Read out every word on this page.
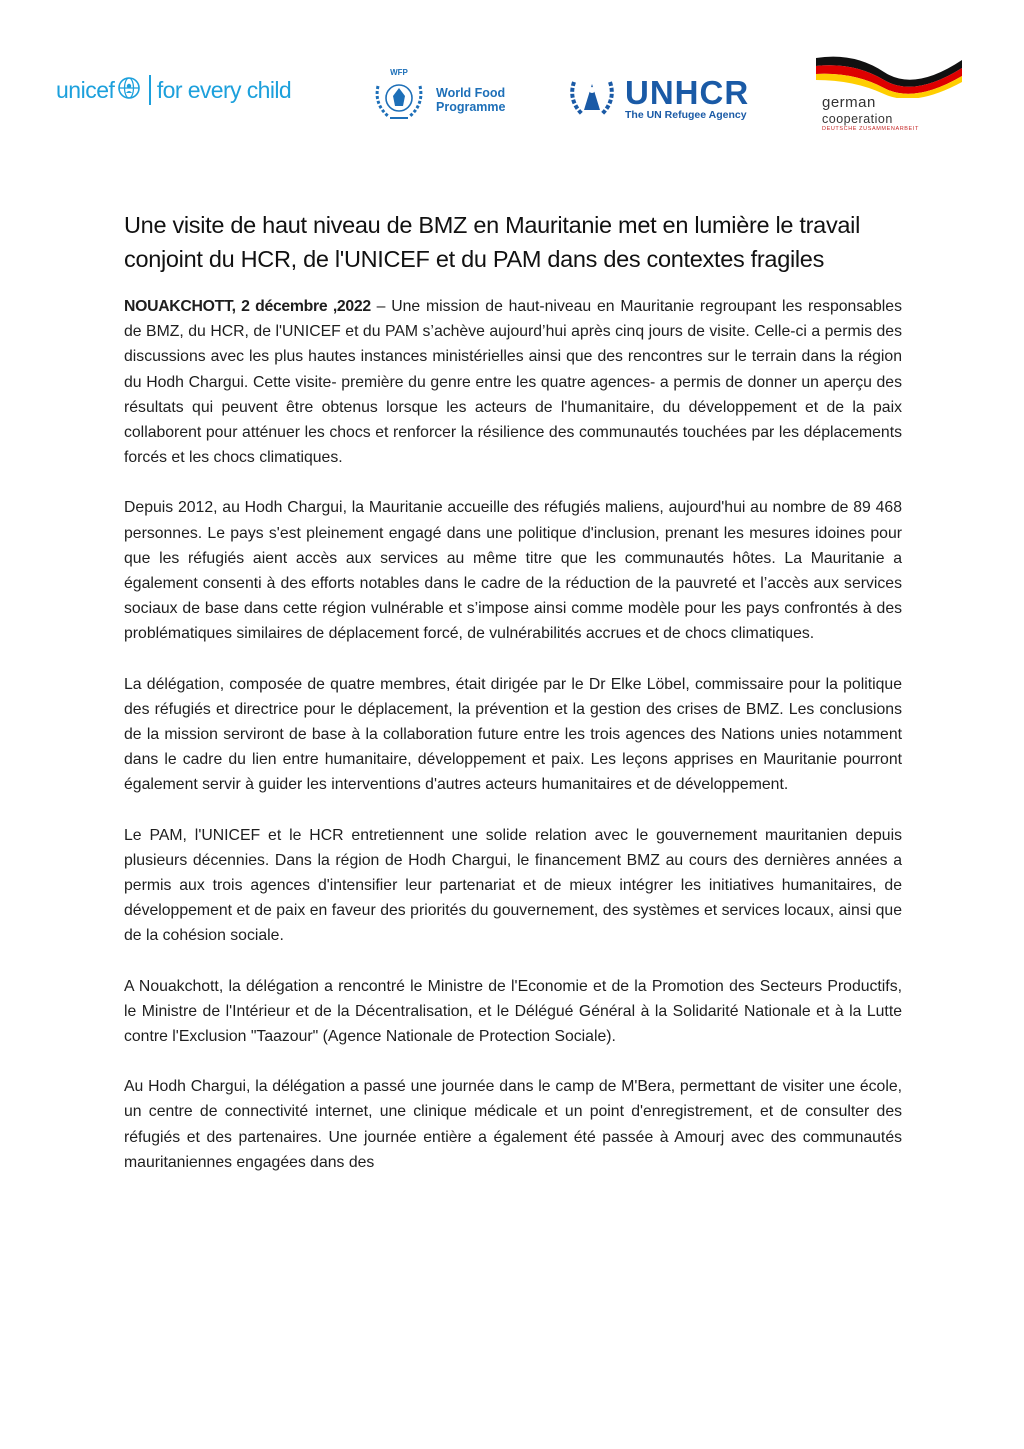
unicef for every child
WFP
World Food
Programme	UNHCR
The UN Refugee Agency
german
cooperation
DEUTSCHE ZUSAMMENARBEIT
Une visite de haut niveau de BMZ en Mauritanie met en lumière le travail conjoint du HCR, de l'UNICEF et du PAM dans des contextes fragiles

NOUAKCHOTT, 2 décembre ,2022 – Une mission de haut-niveau en Mauritanie regroupant les responsables de BMZ, du HCR, de l'UNICEF et du PAM s’achève aujourd’hui après cinq jours de visite. Celle-ci a permis des discussions avec les plus hautes instances ministérielles ainsi que des rencontres sur le terrain dans la région du Hodh Chargui. Cette visite- première du genre entre les quatre agences- a permis de donner un aperçu des résultats qui peuvent être obtenus lorsque les acteurs de l'humanitaire, du développement et de la paix collaborent pour atténuer les chocs et renforcer la résilience des communautés touchées par les déplacements forcés et les chocs climatiques.

Depuis 2012, au Hodh Chargui, la Mauritanie accueille des réfugiés maliens, aujourd'hui au nombre de 89 468 personnes. Le pays s'est pleinement engagé dans une politique d'inclusion, prenant les mesures idoines pour que les réfugiés aient accès aux services au même titre que les communautés hôtes. La Mauritanie a également consenti à des efforts notables dans le cadre de la réduction de la pauvreté et l’accès aux services sociaux de base dans cette région vulnérable et s’impose ainsi comme modèle pour les pays confrontés à des problématiques similaires de déplacement forcé, de vulnérabilités accrues et de chocs climatiques.

La délégation, composée de quatre membres, était dirigée par le Dr Elke Löbel, commissaire pour la politique des réfugiés et directrice pour le déplacement, la prévention et la gestion des crises de BMZ. Les conclusions de la mission serviront de base à la collaboration future entre les trois agences des Nations unies notamment dans le cadre du lien entre humanitaire, développement et paix. Les leçons apprises en Mauritanie pourront également servir à guider les interventions d'autres acteurs humanitaires et de développement.

Le PAM, l'UNICEF et le HCR entretiennent une solide relation avec le gouvernement mauritanien depuis plusieurs décennies. Dans la région de Hodh Chargui, le financement BMZ au cours des dernières années a permis aux trois agences d'intensifier leur partenariat et de mieux intégrer les initiatives humanitaires, de développement et de paix en faveur des priorités du gouvernement, des systèmes et services locaux, ainsi que de la cohésion sociale.

A Nouakchott, la délégation a rencontré le Ministre de l'Economie et de la Promotion des Secteurs Productifs, le Ministre de l'Intérieur et de la Décentralisation, et le Délégué Général à la Solidarité Nationale et à la Lutte contre l'Exclusion "Taazour" (Agence Nationale de Protection Sociale).

Au Hodh Chargui, la délégation a passé une journée dans le camp de M'Bera, permettant de visiter une école, un centre de connectivité internet, une clinique médicale et un point d'enregistrement, et de consulter des réfugiés et des partenaires. Une journée entière a également été passée à Amourj avec des communautés mauritaniennes engagées dans des
